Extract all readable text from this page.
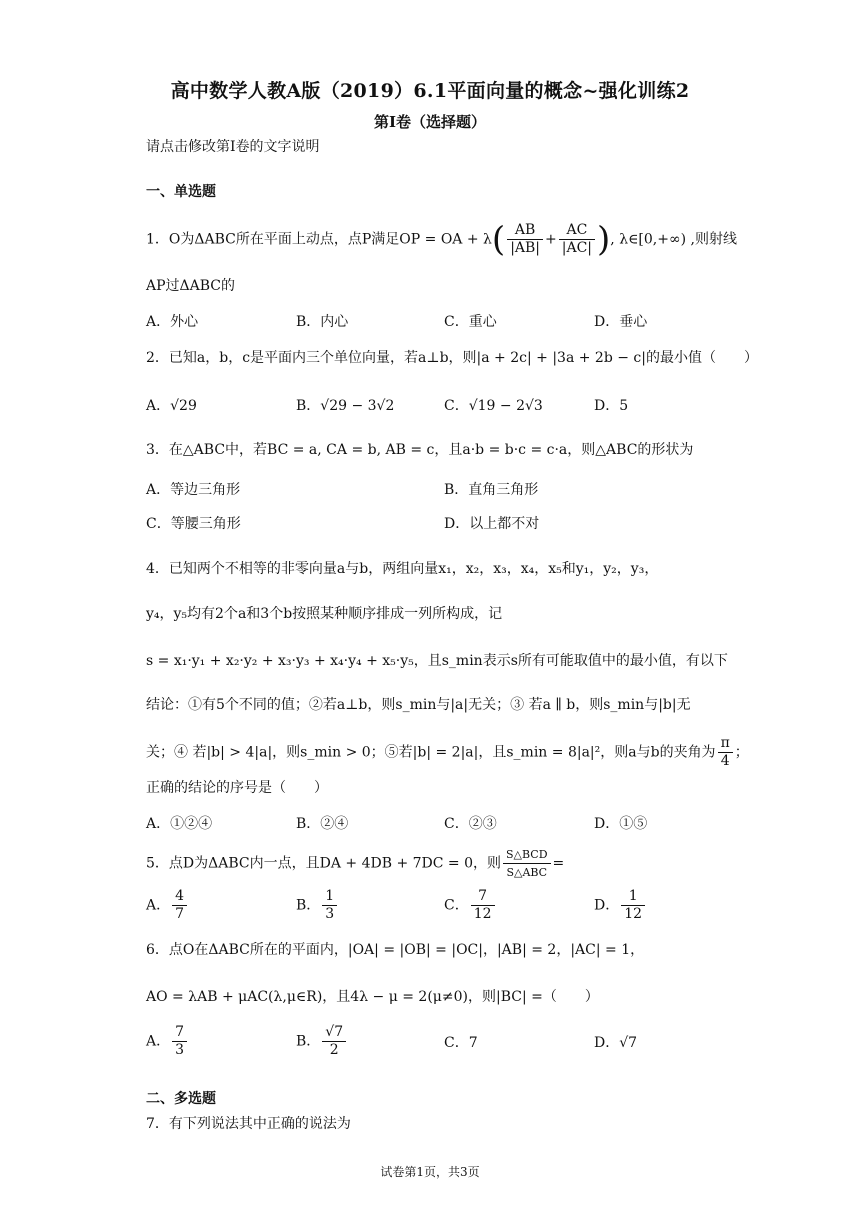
高中数学人教A版（2019）6.1平面向量的概念~强化训练2
第I卷（选择题）
请点击修改第I卷的文字说明
一、单选题
1．O为ΔABC所在平面上动点，点P满足OP = OA + $\lambda( \frac{AB}{|AB|} + \frac{AC}{|AC|}$ ), λ∈[0,+∞) ,则射线
AP过ΔABC的
A．外心	B．内心	C．重心	D．垂心
2．已知a，b，c是平面内三个单位向量，若a⊥b，则|a + 2c| + |3a + 2b − c|的最小值（　　）
A．√29	B．√29 − 3√2	C．√19 − 2√3	D．5
3．在△ABC中，若BC = a, CA = b, AB = c，且a·b = b·c = c·a，则△ABC的形状为
A．等边三角形	B．直角三角形
C．等腰三角形	D．以上都不对
4．已知两个不相等的非零向量a与b，两组向量x₁，x₂，x₃，x₄，x₅和y₁，y₂，y₃，
y₄，y₅均有2个a和3个b按照某种顺序排成一列所构成，记
s = x₁·y₁ + x₂·y₂ + x₃·y₃ + x₄·y₄ + x₅·y₅，且s_min表示s所有可能取值中的最小值，有以下
结论：①有5个不同的值；②若a⊥b，则s_min与|a|无关；③ 若a ∥ b，则s_min与|b|无
关；④ 若|b| > 4|a|，则s_min > 0；⑤若|b| = 2|a|，且s_min = 8|a|²，则a与b的夹角为 $\frac{\pi}{4}$ ；
正确的结论的序号是（　　）
A．①②④	B．②④	C．②③	D．①⑤
5．点D为ΔABC内一点，且DA + 4DB + 7DC = 0，则 $\frac{\text{S△BCD}}{\text{S△ABC}}$ =
A． $\frac{4}{7}$	B． $\frac{1}{3}$	C． $\frac{7}{12}$	D． $\frac{1}{12}$
6．点O在ΔABC所在的平面内，|OA| = |OB| = |OC|，|AB| = 2，|AC| = 1，
AO = λAB + μAC(λ,μ∈R)，且4λ − μ = 2(μ≠0)，则|BC| =（　　）
A． $\frac{7}{3}$	B． $\frac{√7}{2}$	C．7	D．√7
二、多选题
7．有下列说法其中正确的说法为
试卷第1页，共3页
